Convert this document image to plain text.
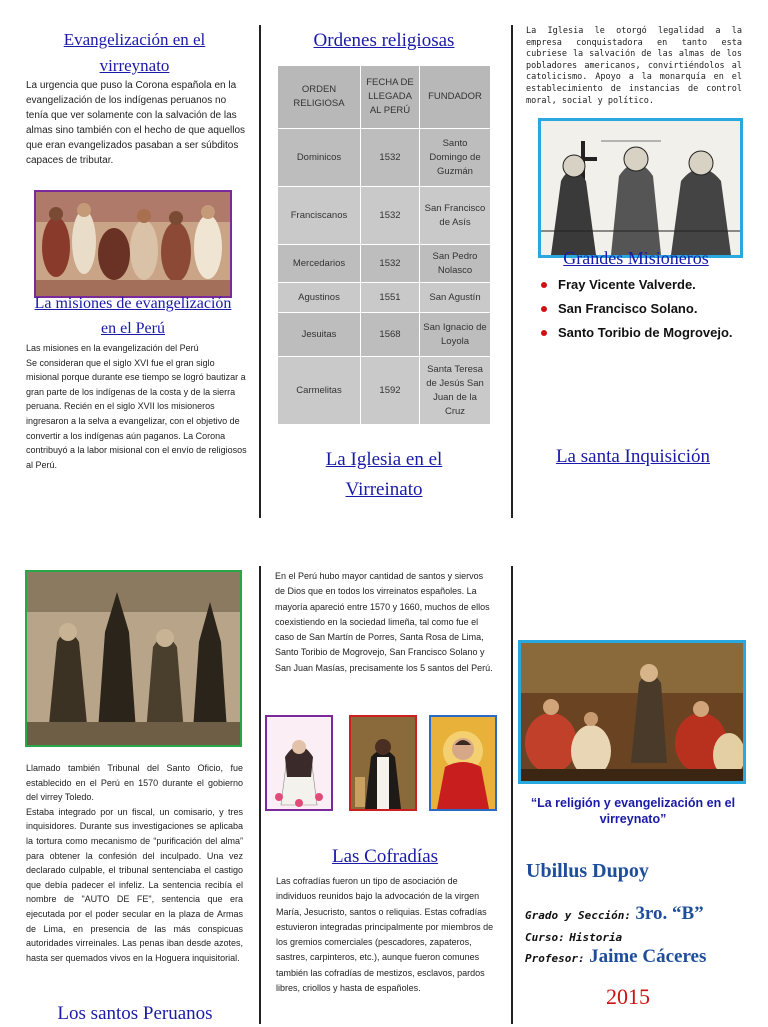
Evangelización en el virreynato
La urgencia que puso la Corona española en la evangelización de los indígenas peruanos no tenía que ver solamente con la salvación de las almas sino también con el hecho de que aquellos que eran evangelizados pasaban a ser súbditos capaces de tributar.
La misiones de evangelización en el Perú
Las misiones en la evangelización del Perú
Se consideran que el siglo XVI fue el gran siglo misional porque durante ese tiempo se logró bautizar a gran parte de los indígenas de la costa y de la sierra peruana. Recién en el siglo XVII los misioneros ingresaron a la selva a evangelizar, con el objetivo de convertir a los indígenas aún paganos. La Corona contribuyó a la labor misional con el envío de religiosos al Perú.
Ordenes religiosas
ORDEN RELIGIOSA	FECHA DE LLEGADA AL PERÚ	FUNDADOR
Dominicos	1532	Santo Domingo de Guzmán
Franciscanos	1532	San Francisco de Asís
Mercedarios	1532	San Pedro Nolasco
Agustinos	1551	San Agustín
Jesuitas	1568	San Ignacio de Loyola
Carmelitas	1592	Santa Teresa de Jesús San Juan de la Cruz
La Iglesia en el Virreinato
La Iglesia le otorgó legalidad a la empresa conquistadora en tanto esta cubriese la salvación de las almas de los pobladores americanos, convirtiéndolos al catolicismo. Apoyo a la monarquía en el establecimiento de instancias de control moral, social y político.
Grandes Misioneros
Fray Vicente Valverde.
San Francisco Solano.
Santo Toribio de Mogrovejo.
La santa Inquisición
Llamado también Tribunal del Santo Oficio, fue establecido en el Perú en 1570 durante el gobierno del virrey Toledo.
Estaba integrado por un fiscal, un comisario, y tres inquisidores. Durante sus investigaciones se aplicaba la tortura como mecanismo de “purificación del alma” para obtener la confesión del inculpado. Una vez declarado culpable, el tribunal sentenciaba el castigo que debía padecer el infeliz. La sentencia recibía el nombre de "AUTO DE FE", sentencia que era ejecutada por el poder secular en la plaza de Armas de Lima, en presencia de las más conspicuas autoridades virreinales. Las penas iban desde azotes, hasta ser quemados vivos en la Hoguera inquisitorial.
Los santos Peruanos
En el Perú hubo mayor cantidad de santos y siervos de Dios que en todos los virreinatos españoles. La mayoría apareció entre 1570 y 1660, muchos de ellos coexistiendo en la sociedad limeña, tal como fue el caso de San Martín de Porres, Santa Rosa de Lima, Santo Toribio de Mogrovejo, San Francisco Solano y San Juan Masías, precisamente los 5 santos del Perú.
Las Cofradías
Las cofradías fueron un tipo de asociación de individuos reunidos bajo la advocación de la virgen María, Jesucristo, santos o reliquias. Estas cofradías estuvieron integradas principalmente por miembros de los gremios comerciales (pescadores, zapateros, sastres, carpinteros, etc.), aunque fueron comunes también las cofradías de mestizos, esclavos, pardos libres, criollos y hasta de españoles.
“La religión y evangelización en el virreynato”
Ubillus Dupoy
Grado y Sección: 3ro. “B”
Curso: Historia
Profesor: Jaime Cáceres
2015
